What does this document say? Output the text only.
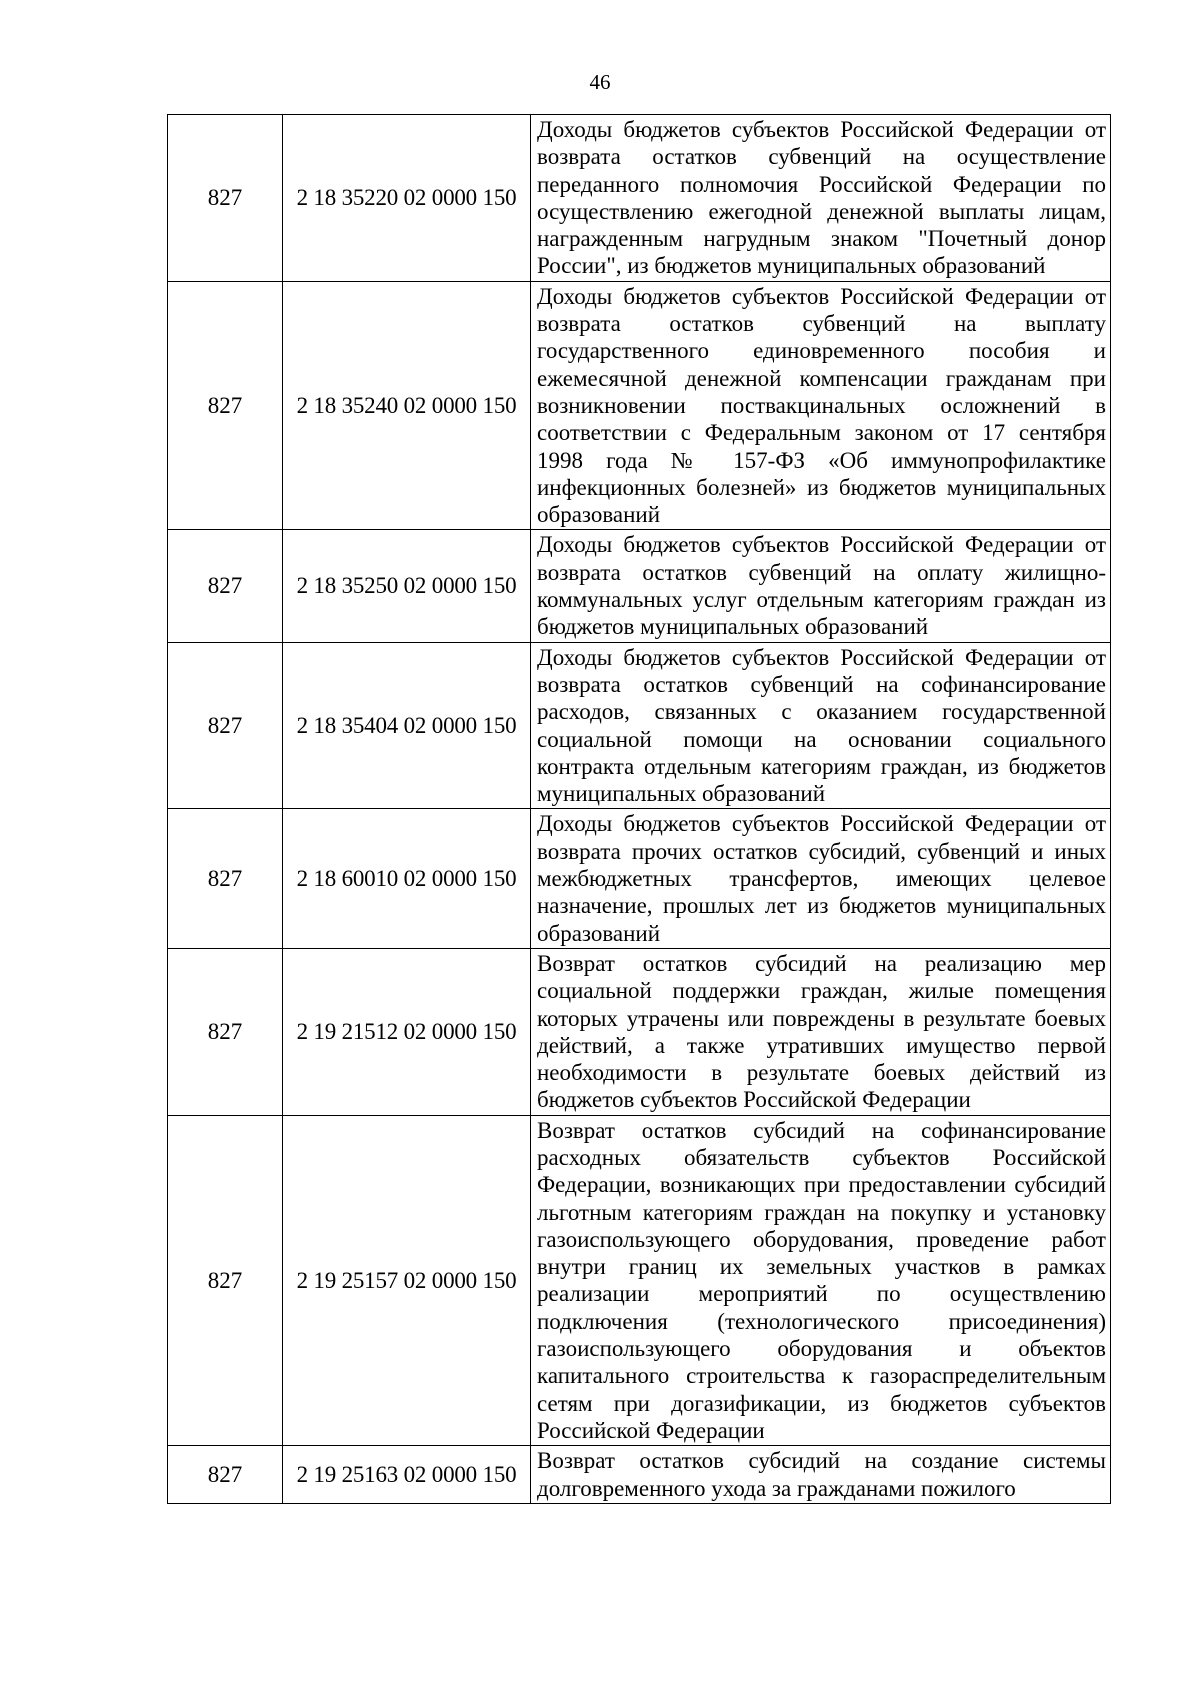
46
827	2 18 35220 02 0000 150	Доходы бюджетов субъектов Российской Федерации от возврата остатков субвенций на осуществление переданного полномочия Российской Федерации по осуществлению ежегодной денежной выплаты лицам, награжденным нагрудным знаком "Почетный донор России", из бюджетов муниципальных образований
827	2 18 35240 02 0000 150	Доходы бюджетов субъектов Российской Федерации от возврата остатков субвенций на выплату государственного единовременного пособия и ежемесячной денежной компенсации гражданам при возникновении поствакцинальных осложнений в соответствии с Федеральным законом от 17 сентября 1998 года № 157-ФЗ «Об иммунопрофилактике инфекционных болезней» из бюджетов муниципальных образований
827	2 18 35250 02 0000 150	Доходы бюджетов субъектов Российской Федерации от возврата остатков субвенций на оплату жилищно-коммунальных услуг отдельным категориям граждан из бюджетов муниципальных образований
827	2 18 35404 02 0000 150	Доходы бюджетов субъектов Российской Федерации от возврата остатков субвенций на софинансирование расходов, связанных с оказанием государственной социальной помощи на основании социального контракта отдельным категориям граждан, из бюджетов муниципальных образований
827	2 18 60010 02 0000 150	Доходы бюджетов субъектов Российской Федерации от возврата прочих остатков субсидий, субвенций и иных межбюджетных трансфертов, имеющих целевое назначение, прошлых лет из бюджетов муниципальных образований
827	2 19 21512 02 0000 150	Возврат остатков субсидий на реализацию мер социальной поддержки граждан, жилые помещения которых утрачены или повреждены в результате боевых действий, а также утративших имущество первой необходимости в результате боевых действий из бюджетов субъектов Российской Федерации
827	2 19 25157 02 0000 150	Возврат остатков субсидий на софинансирование расходных обязательств субъектов Российской Федерации, возникающих при предоставлении субсидий льготным категориям граждан на покупку и установку газоиспользующего оборудования, проведение работ внутри границ их земельных участков в рамках реализации мероприятий по осуществлению подключения (технологического присоединения) газоиспользующего оборудования и объектов капитального строительства к газораспределительным сетям при догазификации, из бюджетов субъектов Российской Федерации
827	2 19 25163 02 0000 150	Возврат остатков субсидий на создание системы долговременного ухода за гражданами пожилого
